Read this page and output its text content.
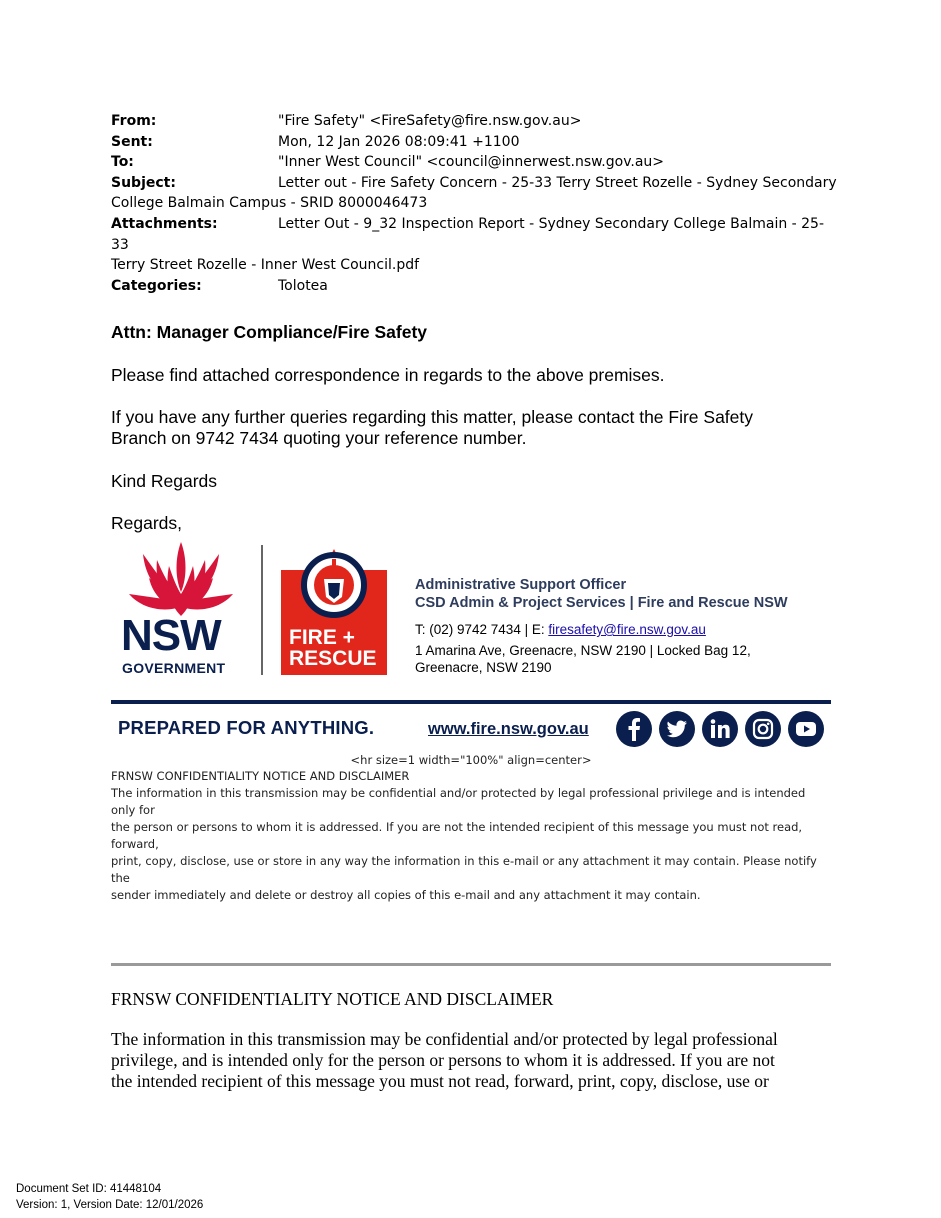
From:	"Fire Safety" <FireSafety@fire.nsw.gov.au>
Sent:	Mon, 12 Jan 2026 08:09:41 +1100
To:	"Inner West Council" <council@innerwest.nsw.gov.au>
Subject:	Letter out - Fire Safety Concern - 25-33 Terry Street Rozelle - Sydney Secondary
College Balmain Campus - SRID 8000046473
Attachments:	Letter Out - 9_32 Inspection Report - Sydney Secondary College Balmain - 25-33
Terry Street Rozelle - Inner West Council.pdf
Categories:	Tolotea
Attn: Manager Compliance/Fire Safety
Please find attached correspondence in regards to the above premises.
If you have any further queries regarding this matter, please contact the Fire Safety
Branch on 9742 7434 quoting your reference number.
Kind Regards
Regards,
NSW
GOVERNMENT
FIRE +
RESCUE
Administrative Support Officer
CSD Admin & Project Services | Fire and Rescue NSW
T: (02) 9742 7434 | E: firesafety@fire.nsw.gov.au
1 Amarina Ave, Greenacre, NSW 2190 | Locked Bag 12,
Greenacre, NSW 2190
PREPARED FOR ANYTHING.	www.fire.nsw.gov.au
<hr size=1 width="100%" align=center>
FRNSW CONFIDENTIALITY NOTICE AND DISCLAIMER
The information in this transmission may be confidential and/or protected by legal professional privilege and is intended only for
the person or persons to whom it is addressed. If you are not the intended recipient of this message you must not read, forward,
print, copy, disclose, use or store in any way the information in this e-mail or any attachment it may contain. Please notify the
sender immediately and delete or destroy all copies of this e-mail and any attachment it may contain.
FRNSW CONFIDENTIALITY NOTICE AND DISCLAIMER
The information in this transmission may be confidential and/or protected by legal professional
privilege, and is intended only for the person or persons to whom it is addressed. If you are not
the intended recipient of this message you must not read, forward, print, copy, disclose, use or
Document Set ID: 41448104
Version: 1, Version Date: 12/01/2026
